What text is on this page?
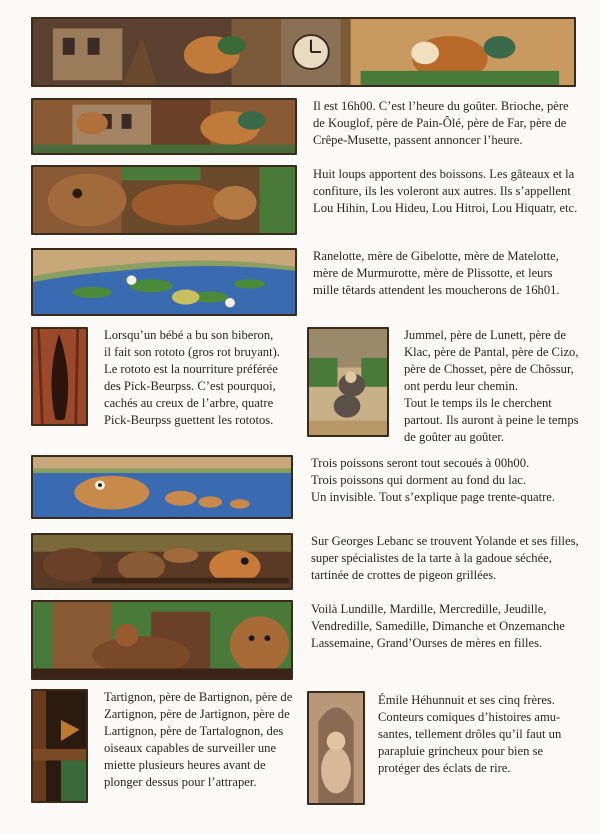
Il est 16h00. C’est l’heure du goûter. Brioche, père
de Kouglof, père de Pain-Ôlé, père de Far, père de
Crêpe-Musette, passent annoncer l’heure.

Huit loups apportent des boissons. Les gâteaux et la
confiture, ils les voleront aux autres. Ils s’appellent
Lou Hihin, Lou Hideu, Lou Hitroi, Lou Hiquatr, etc.

Ranelotte, mère de Gibelotte, mère de Matelotte,
mère de Murmurotte, mère de Plissotte, et leurs
mille têtards attendent les moucherons de 16h01.

Lorsqu’un bébé a bu son biberon,
il fait son rototo (gros rot bruyant).
Le rototo est la nourriture préférée
des Pick-Beurpss. C’est pourquoi,
cachés au creux de l’arbre, quatre
Pick-Beurpss guettent les rototos.

Jummel, père de Lunett, père de
Klac, père de Pantal, père de Cizo,
père de Chosset, père de Chôssur,
ont perdu leur chemin.
Tout le temps ils le cherchent
partout. Ils auront à peine le temps
de goûter au goûter.

Trois poissons seront tout secoués à 00h00.
Trois poissons qui dorment au fond du lac.
Un invisible. Tout s’explique page trente-quatre.

Sur Georges Lebanc se trouvent Yolande et ses filles,
super spécialistes de la tarte à la gadoue séchée,
tartinée de crottes de pigeon grillées.

Voilà Lundille, Mardille, Mercredille, Jeudille,
Vendredille, Samedille, Dimanche et Onzemanche
Lassemaine, Grand’Ourses de mères en filles.

Tartignon, père de Bartignon, père de
Zartignon, père de Jartignon, père de
Lartignon, père de Tartalognon, des
oiseaux capables de surveiller une
miette plusieurs heures avant de
plonger dessus pour l’attraper.

Émile Héhunnuit et ses cinq frères.
Conteurs comiques d’histoires amu-
santes, tellement drôles qu’il faut un
parapluie grincheux pour bien se
protéger des éclats de rire.
